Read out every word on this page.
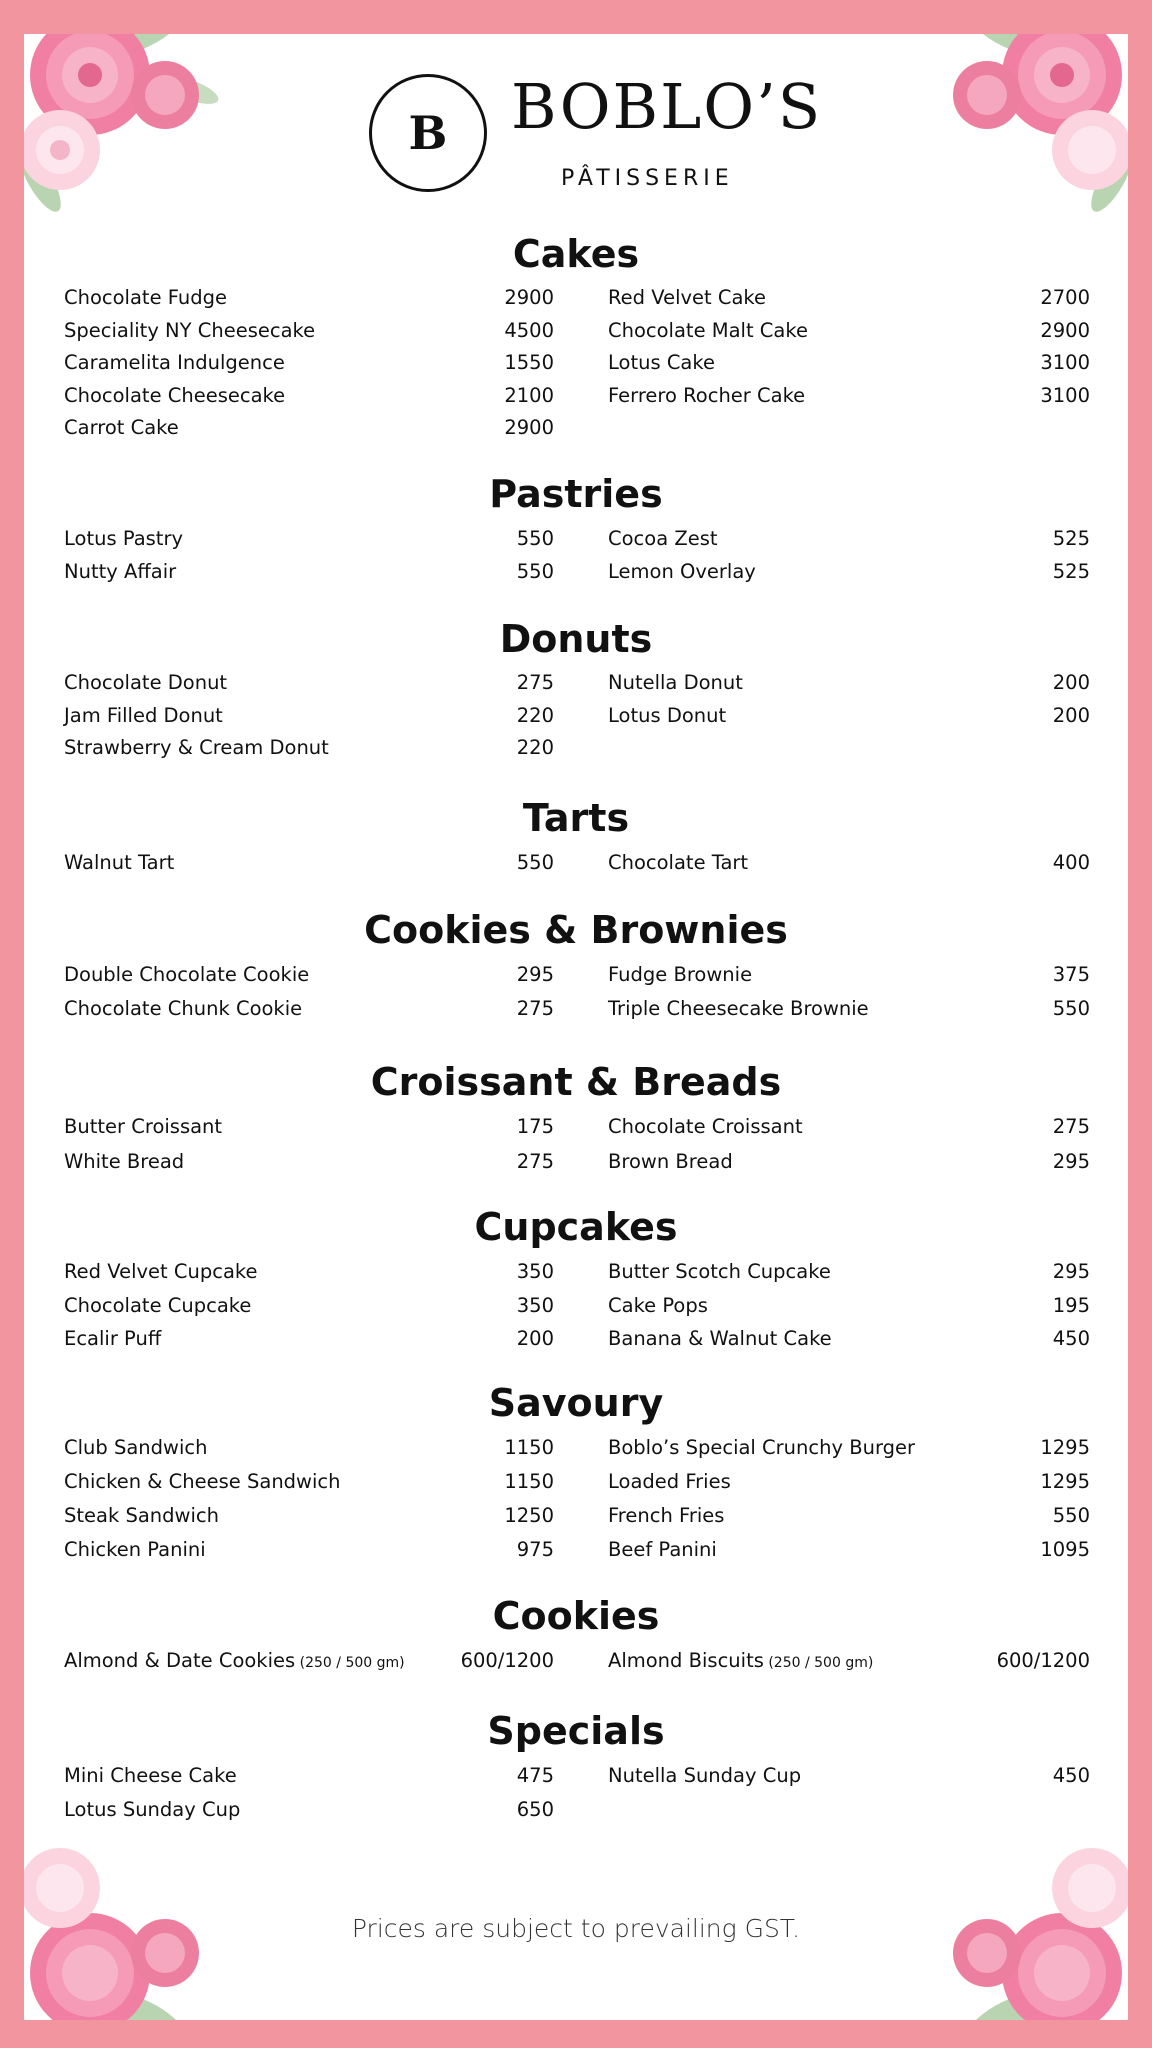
B BOBLO’S
PÂTISSERIE
Cakes
Chocolate Fudge	2900
Speciality NY Cheesecake	4500
Caramelita Indulgence	1550
Chocolate Cheesecake	2100
Carrot Cake	2900
Red Velvet Cake	2700
Chocolate Malt Cake	2900
Lotus Cake	3100
Ferrero Rocher Cake	3100
Pastries
Lotus Pastry	550
Nutty Affair	550
Cocoa Zest	525
Lemon Overlay	525
Donuts
Chocolate Donut	275
Jam Filled Donut	220
Strawberry & Cream Donut	220
Nutella Donut	200
Lotus Donut	200
Tarts
Walnut Tart	550	Chocolate Tart	400
Cookies & Brownies
Double Chocolate Cookie	295
Chocolate Chunk Cookie	275
Fudge Brownie	375
Triple Cheesecake Brownie	550
Croissant & Breads
Butter Croissant	175
White Bread	275
Chocolate Croissant	275
Brown Bread	295
Cupcakes
Red Velvet Cupcake	350
Chocolate Cupcake	350
Ecalir Puff	200
Butter Scotch Cupcake	295
Cake Pops	195
Banana & Walnut Cake	450
Savoury
Club Sandwich	1150
Chicken & Cheese Sandwich	1150
Steak Sandwich	1250
Chicken Panini	975
Boblo’s Special Crunchy Burger	1295
Loaded Fries	1295
French Fries	550
Beef Panini	1095
Cookies
Almond & Date Cookies (250 / 500 gm)	600/1200	Almond Biscuits (250 / 500 gm)	600/1200
Specials
Mini Cheese Cake	475
Lotus Sunday Cup	650
Nutella Sunday Cup	450
Prices are subject to prevailing GST.
